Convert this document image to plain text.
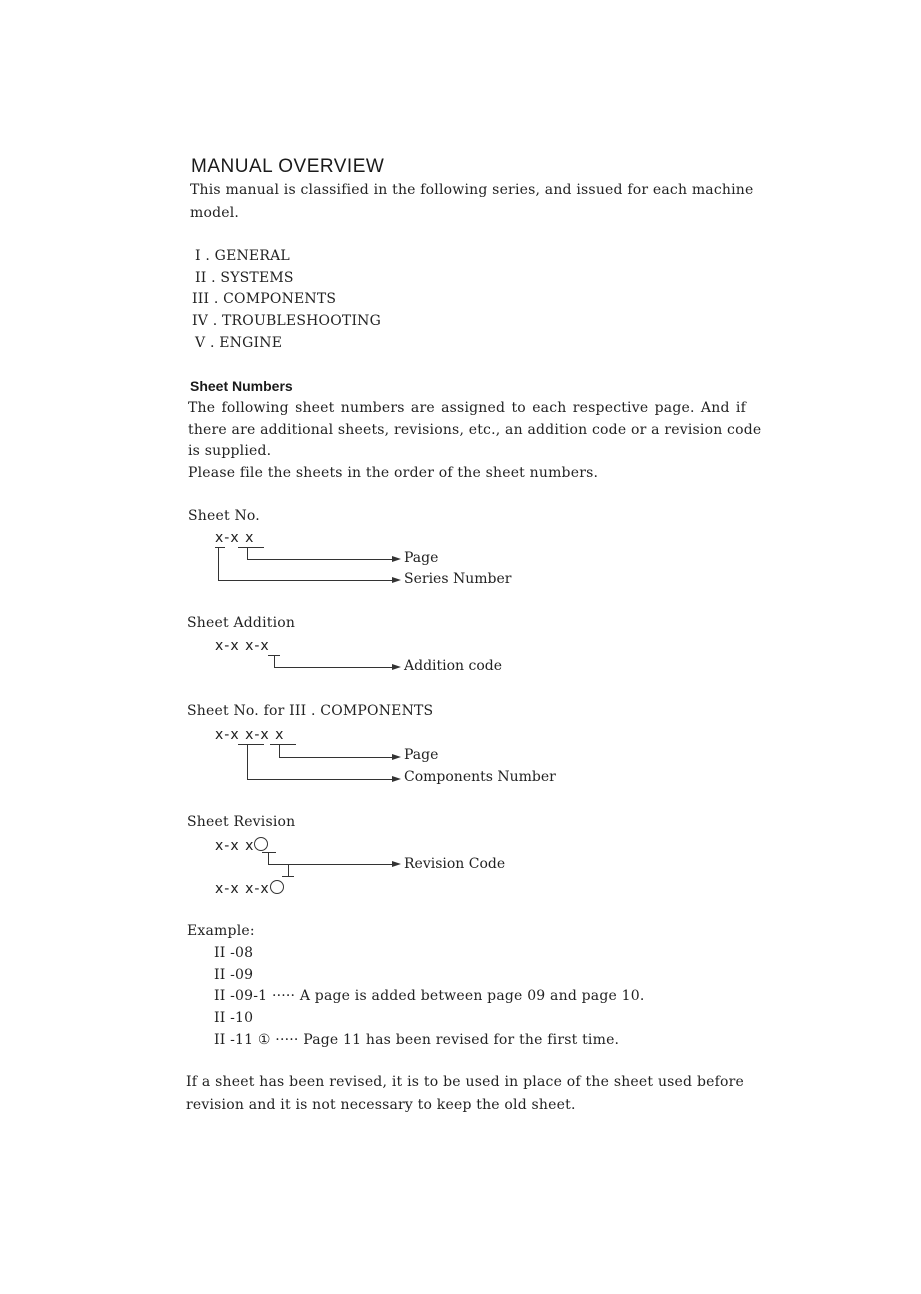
MANUAL OVERVIEW
This manual is classified in the following series, and issued for each machine
model.
I . GENERAL
II . SYSTEMS
III . COMPONENTS
IV . TROUBLESHOOTING
V . ENGINE
Sheet Numbers
The following sheet numbers are assigned to each respective page. And if
there are additional sheets, revisions, etc., an addition code or a revision code
is supplied.
Please file the sheets in the order of the sheet numbers.
Sheet No.
x-x x
Page
Series Number
Sheet Addition
x-x x-x
Addition code
Sheet No. for III . COMPONENTS
x-x x-x x
Page
Components Number
Sheet Revision
x-x x
Revision Code
x-x x-x
Example:
II -08
II -09
II -09-1 ····· A page is added between page 09 and page 10.
II -10
II -11 ① ····· Page 11 has been revised for the first time.
If a sheet has been revised, it is to be used in place of the sheet used before
revision and it is not necessary to keep the old sheet.
